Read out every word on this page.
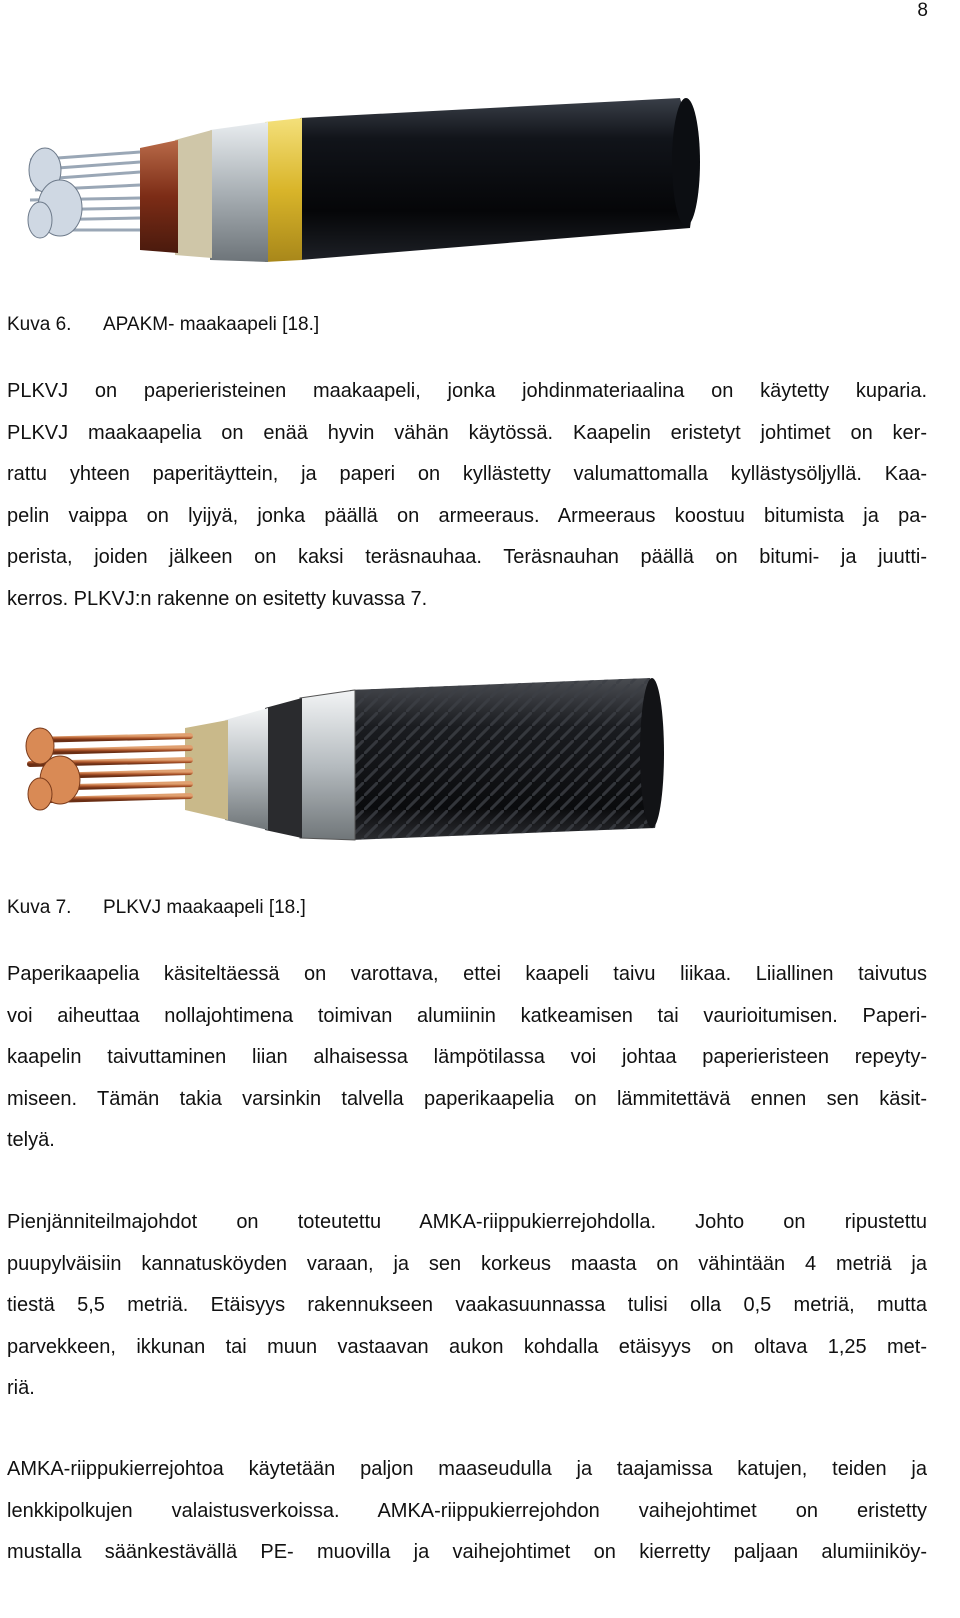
8
Kuva 6. APAKM- maakaapeli [18.]
PLKVJ on paperieristeinen maakaapeli, jonka johdinmateriaalina on käytetty kuparia.
PLKVJ maakaapelia on enää hyvin vähän käytössä. Kaapelin eristetyt johtimet on ker-
rattu yhteen paperitäyttein, ja paperi on kyllästetty valumattomalla kyllästysöljyllä. Kaa-
pelin vaippa on lyijyä, jonka päällä on armeeraus. Armeeraus koostuu bitumista ja pa-
perista, joiden jälkeen on kaksi teräsnauhaa. Teräsnauhan päällä on bitumi- ja juutti-
kerros. PLKVJ:n rakenne on esitetty kuvassa 7.
Kuva 7. PLKVJ maakaapeli [18.]
Paperikaapelia käsiteltäessä on varottava, ettei kaapeli taivu liikaa. Liiallinen taivutus
voi aiheuttaa nollajohtimena toimivan alumiinin katkeamisen tai vaurioitumisen. Paperi-
kaapelin taivuttaminen liian alhaisessa lämpötilassa voi johtaa paperieristeen repeyty-
miseen. Tämän takia varsinkin talvella paperikaapelia on lämmitettävä ennen sen käsit-
telyä.
Pienjänniteilmajohdot on toteutettu AMKA-riippukierrejohdolla. Johto on ripustettu
puupylväisiin kannatusköyden varaan, ja sen korkeus maasta on vähintään 4 metriä ja
tiestä 5,5 metriä. Etäisyys rakennukseen vaakasuunnassa tulisi olla 0,5 metriä, mutta
parvekkeen, ikkunan tai muun vastaavan aukon kohdalla etäisyys on oltava 1,25 met-
riä.
AMKA-riippukierrejohtoa käytetään paljon maaseudulla ja taajamissa katujen, teiden ja
lenkkipolkujen valaistusverkoissa. AMKA-riippukierrejohdon vaihejohtimet on eristetty
mustalla säänkestävällä PE- muovilla ja vaihejohtimet on kierretty paljaan alumiiniköy-
